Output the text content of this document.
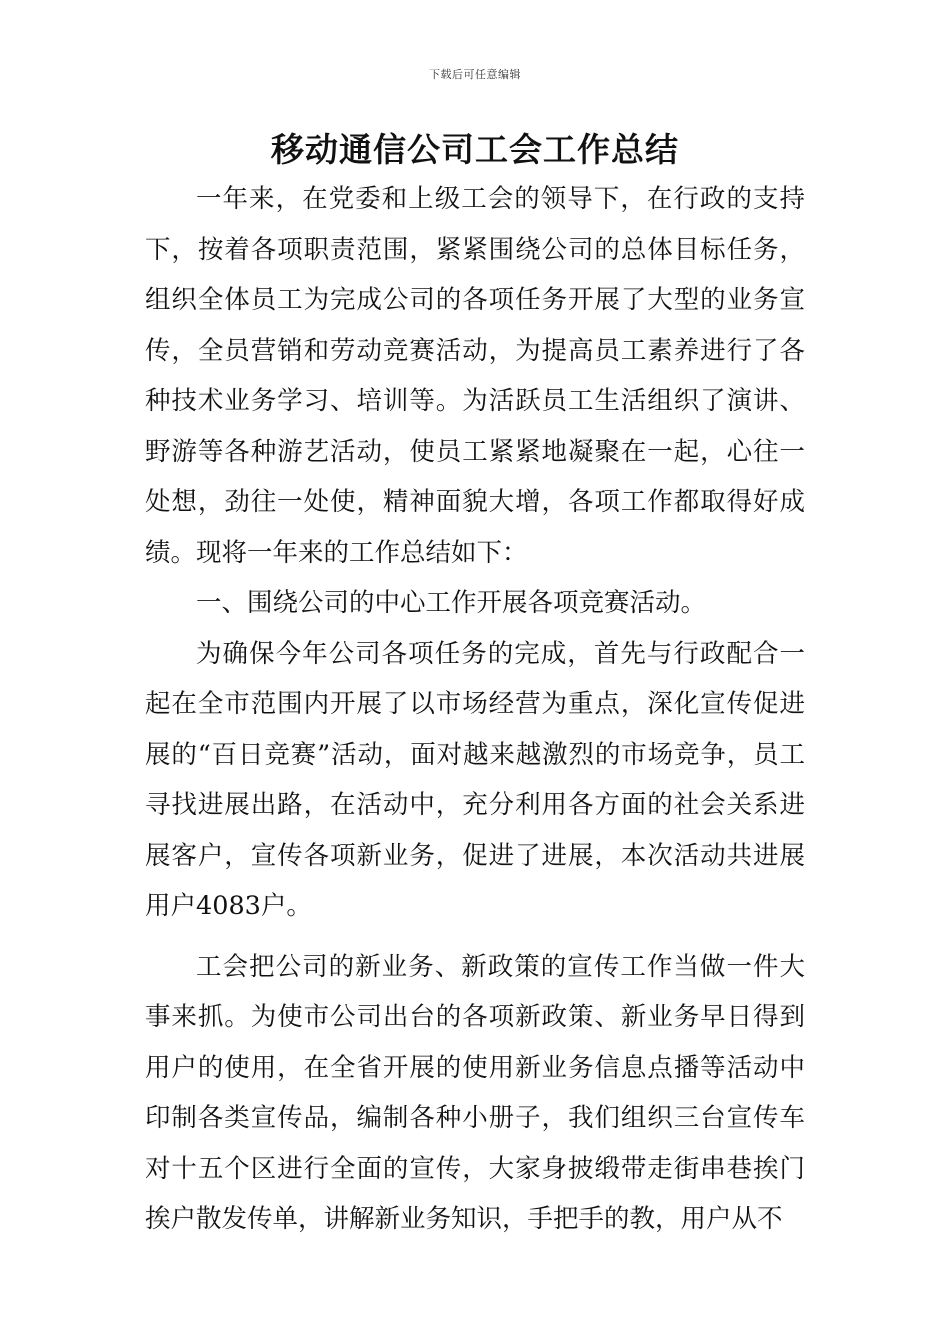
下载后可任意编辑
移动通信公司工会工作总结

一年来，在党委和上级工会的领导下，在行政的支持下，按着各项职责范围，紧紧围绕公司的总体目标任务，组织全体员工为完成公司的各项任务开展了大型的业务宣传，全员营销和劳动竞赛活动，为提高员工素养进行了各种技术业务学习、培训等。为活跃员工生活组织了演讲、野游等各种游艺活动，使员工紧紧地凝聚在一起，心往一处想，劲往一处使，精神面貌大增，各项工作都取得好成绩。现将一年来的工作总结如下：

一、围绕公司的中心工作开展各项竞赛活动。

为确保今年公司各项任务的完成，首先与行政配合一起在全市范围内开展了以市场经营为重点，深化宣传促进展的“百日竞赛”活动，面对越来越激烈的市场竞争，员工寻找进展出路，在活动中，充分利用各方面的社会关系进展客户，宣传各项新业务，促进了进展，本次活动共进展用户4083户。

工会把公司的新业务、新政策的宣传工作当做一件大事来抓。为使市公司出台的各项新政策、新业务早日得到用户的使用，在全省开展的使用新业务信息点播等活动中印制各类宣传品，编制各种小册子，我们组织三台宣传车对十五个区进行全面的宣传，大家身披缎带走街串巷挨门挨户散发传单，讲解新业务知识，手把手的教，用户从不
